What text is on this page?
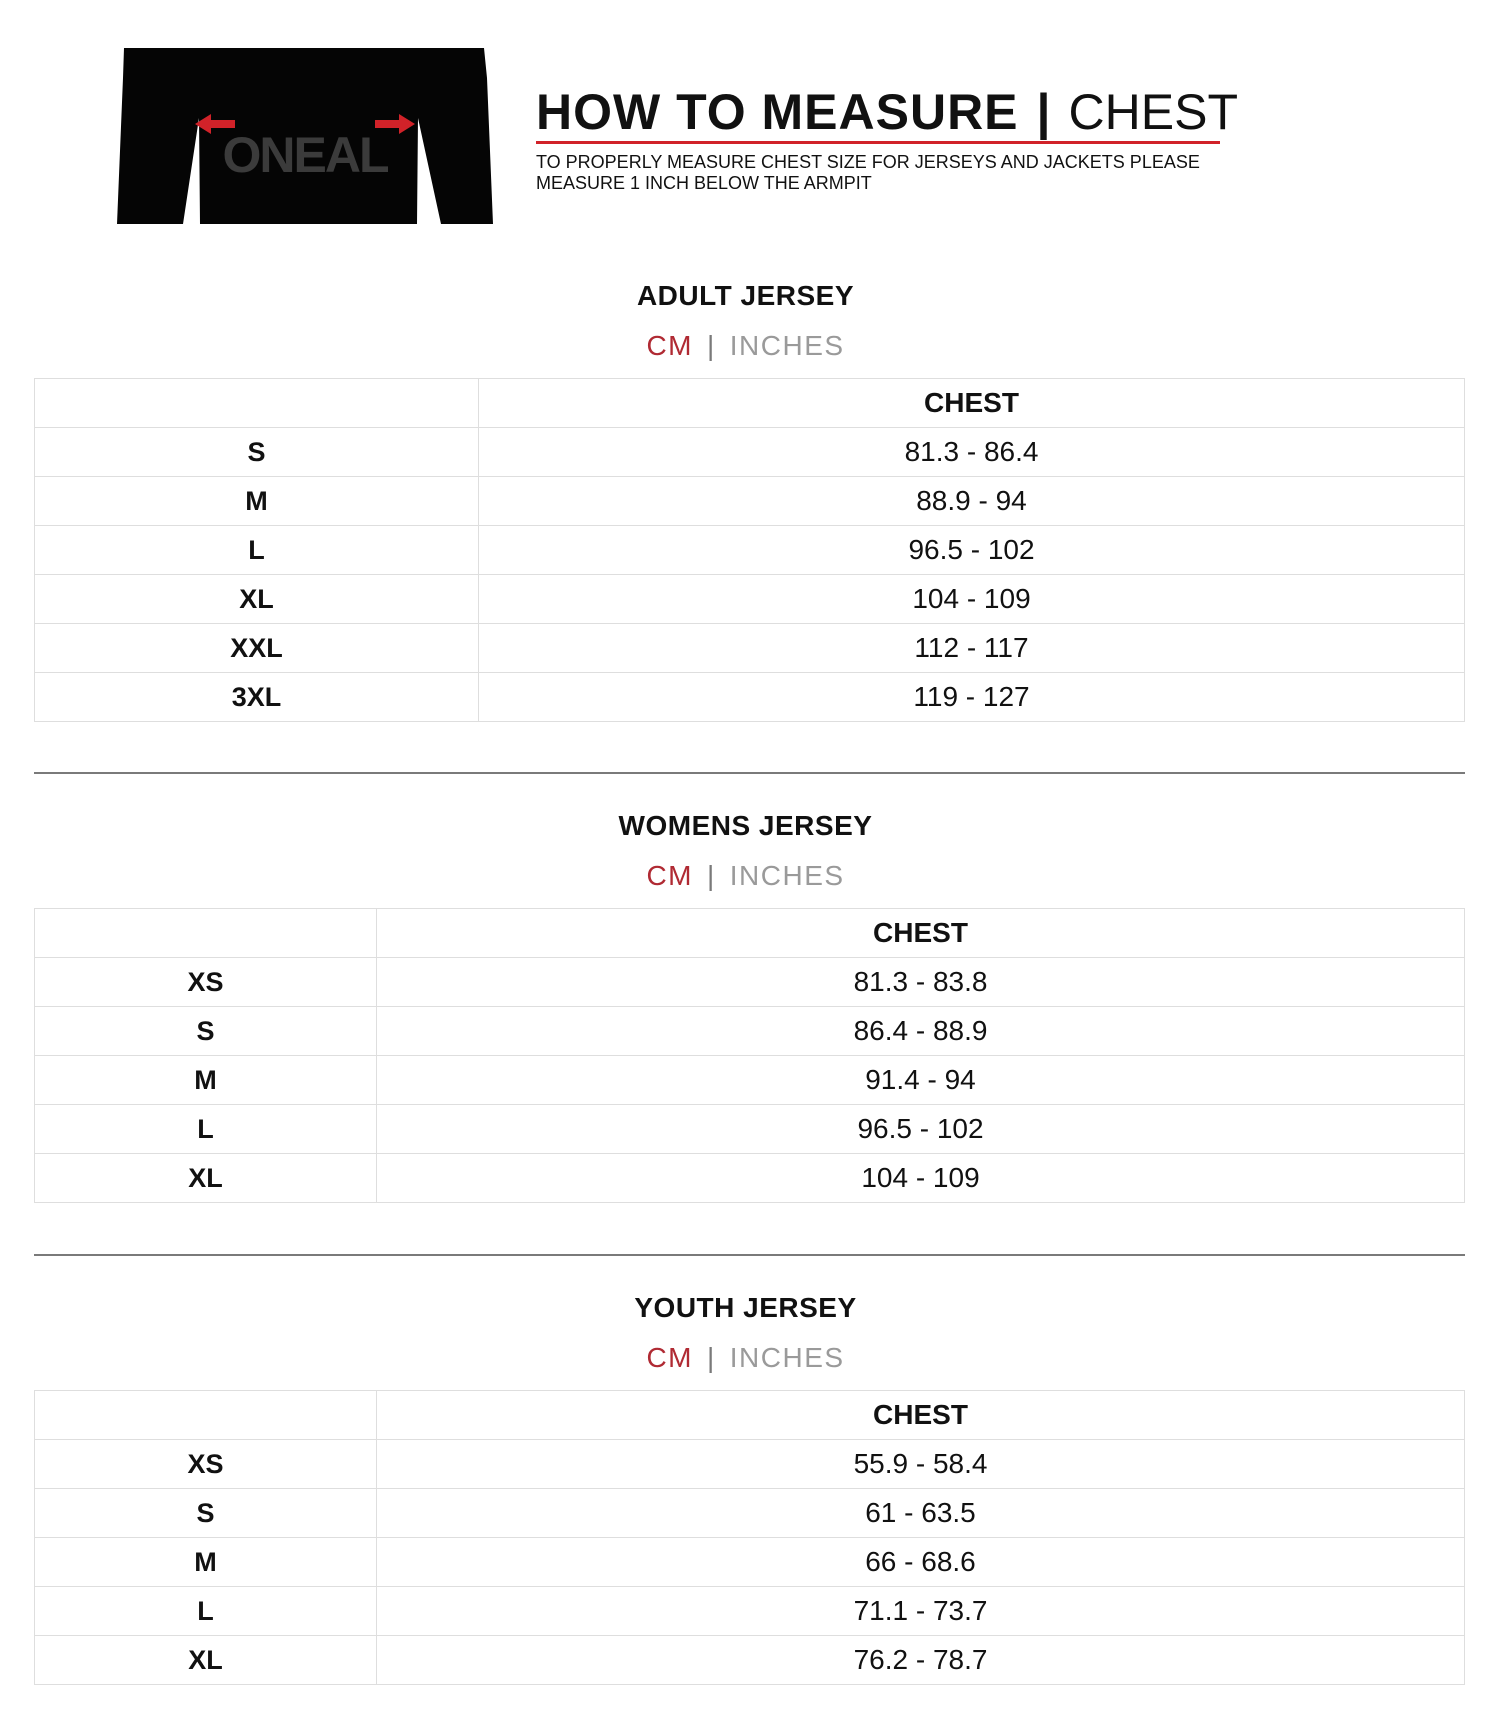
ONEAL
HOW TO MEASURE | CHEST
TO PROPERLY MEASURE CHEST SIZE FOR JERSEYS AND JACKETS PLEASE MEASURE 1 INCH BELOW THE ARMPIT
ADULT JERSEY
CM | INCHES
	CHEST
S	81.3 - 86.4
M	88.9 - 94
L	96.5 - 102
XL	104 - 109
XXL	112 - 117
3XL	119 - 127
WOMENS JERSEY
CM | INCHES
	CHEST
XS	81.3 - 83.8
S	86.4 - 88.9
M	91.4 - 94
L	96.5 - 102
XL	104 - 109
YOUTH JERSEY
CM | INCHES
	CHEST
XS	55.9 - 58.4
S	61 - 63.5
M	66 - 68.6
L	71.1 - 73.7
XL	76.2 - 78.7
